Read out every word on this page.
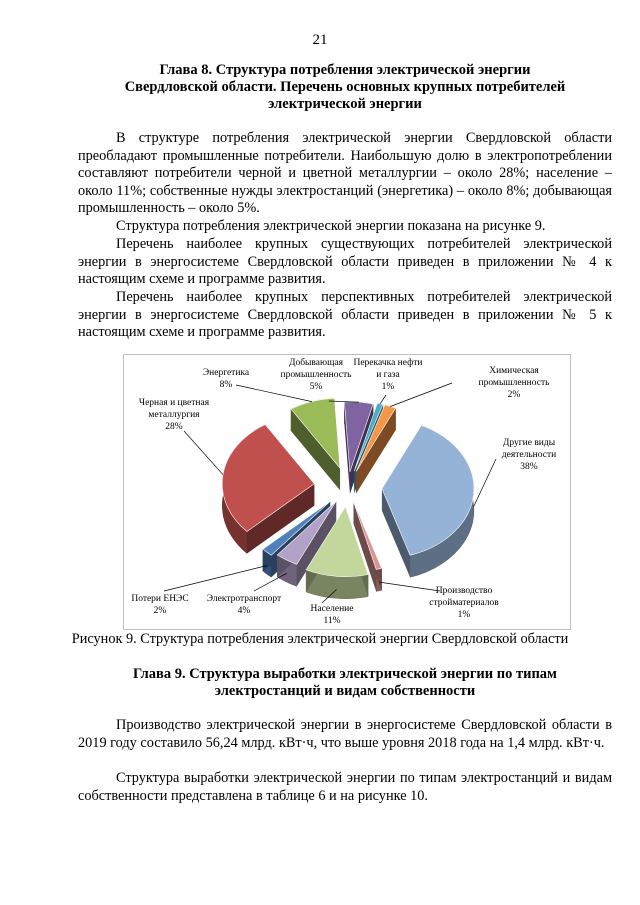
21
Глава 8. Структура потребления электрической энергии
Свердловской области. Перечень основных крупных потребителей
электрической энергии

В структуре потребления электрической энергии Свердловской области преобладают промышленные потребители. Наибольшую долю в электропотреблении составляют потребители черной и цветной металлургии – около 28%; население – около 11%; собственные нужды электростанций (энергетика) – около 8%; добывающая промышленность – около 5%.

Структура потребления электрической энергии показана на рисунке 9.

Перечень наиболее крупных существующих потребителей электрической энергии в энергосистеме Свердловской области приведен в приложении № 4 к настоящим схеме и программе развития.

Перечень наиболее крупных перспективных потребителей электрической энергии в энергосистеме Свердловской области приведен в приложении № 5 к настоящим схеме и программе развития.

Добывающая промышленность 5%
Перекачка нефти и газа 1%
Химическая промышленность 2%
Другие виды деятельности 38%
Производство стройматериалов 1%
Население 11%
Электротранспорт 4%
Потери ЕНЭС 2%
Черная и цветная металлургия 28%
Энергетика 8%
Рисунок 9. Структура потребления электрической энергии Свердловской области
Глава 9. Структура выработки электрической энергии по типам
электростанций и видам собственности

Производство электрической энергии в энергосистеме Свердловской области в 2019 году составило 56,24 млрд. кВт·ч, что выше уровня 2018 года на 1,4 млрд. кВт·ч.

Структура выработки электрической энергии по типам электростанций и видам собственности представлена в таблице 6 и на рисунке 10.
